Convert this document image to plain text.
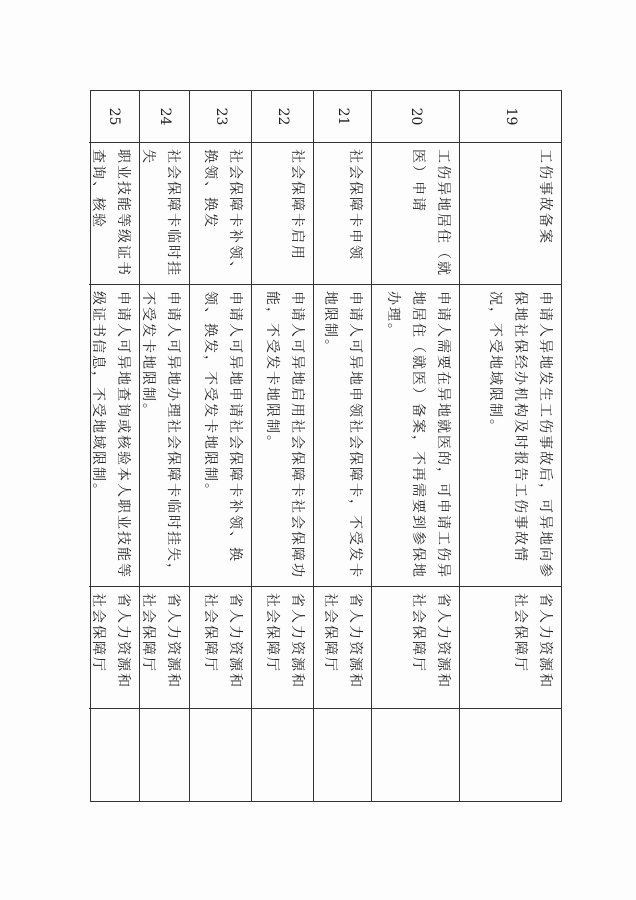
19
工伤事故备案
申请人异地发生工伤事故后，可异地向参保地社保经办机构及时报告工伤事故情况，不受地域限制。
省人力资源和社会保障厅
20
工伤异地居住（就医）申请
申请人需要在异地就医的，可申请工伤异地居住（就医）备案，不再需要到参保地办理。
省人力资源和社会保障厅
21
社会保障卡申领
申请人可异地申领社会保障卡，不受发卡地限制。
省人力资源和社会保障厅
22
社会保障卡启用
申请人可异地启用社会保障卡社会保障功能，不受发卡地限制。
省人力资源和社会保障厅
23
社会保障卡补领、换领、换发
申请人可异地申请社会保障卡补领、换领、换发，不受发卡地限制。
省人力资源和社会保障厅
24
社会保障卡临时挂失
申请人可异地办理社会保障卡临时挂失，不受发卡地限制。
省人力资源和社会保障厅
25
职业技能等级证书查询、核验
申请人可异地查询或核验本人职业技能等级证书信息，不受地域限制。
省人力资源和社会保障厅
